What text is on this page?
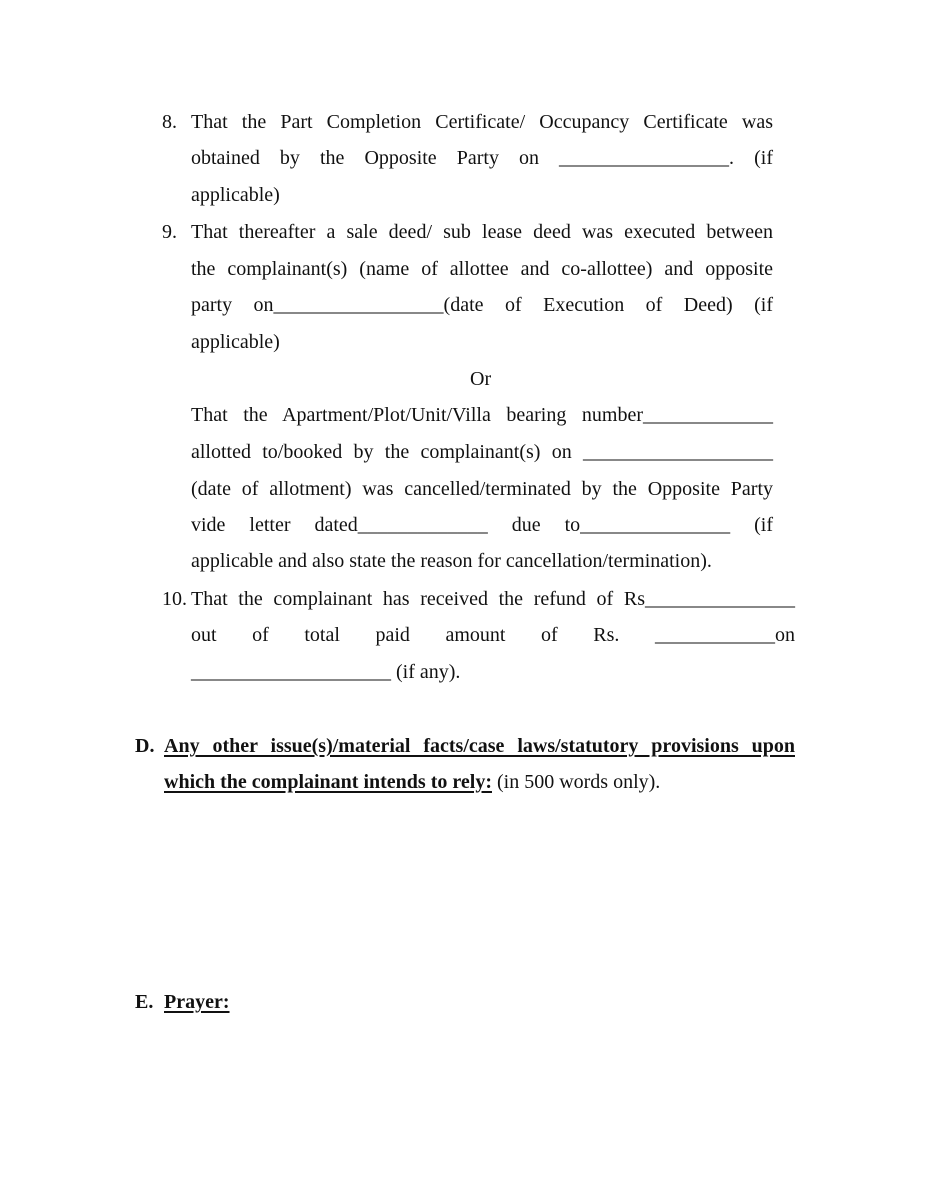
8. That the Part Completion Certificate/ Occupancy Certificate was
obtained by the Opposite Party on _________________. (if
applicable)
9. That thereafter a sale deed/ sub lease deed was executed between
the complainant(s) (name of allottee and co-allottee) and opposite
party on_________________(date of Execution of Deed) (if
applicable)
Or
That the Apartment/Plot/Unit/Villa bearing number_____________
allotted to/booked by the complainant(s) on ___________________
(date of allotment) was cancelled/terminated by the Opposite Party
vide letter dated_____________ due to_______________ (if
applicable and also state the reason for cancellation/termination).
10. That the complainant has received the refund of Rs_______________
out of total paid amount of Rs. ____________on
____________________ (if any).
D. Any other issue(s)/material facts/case laws/statutory provisions upon
which the complainant intends to rely: (in 500 words only).
E. Prayer:
